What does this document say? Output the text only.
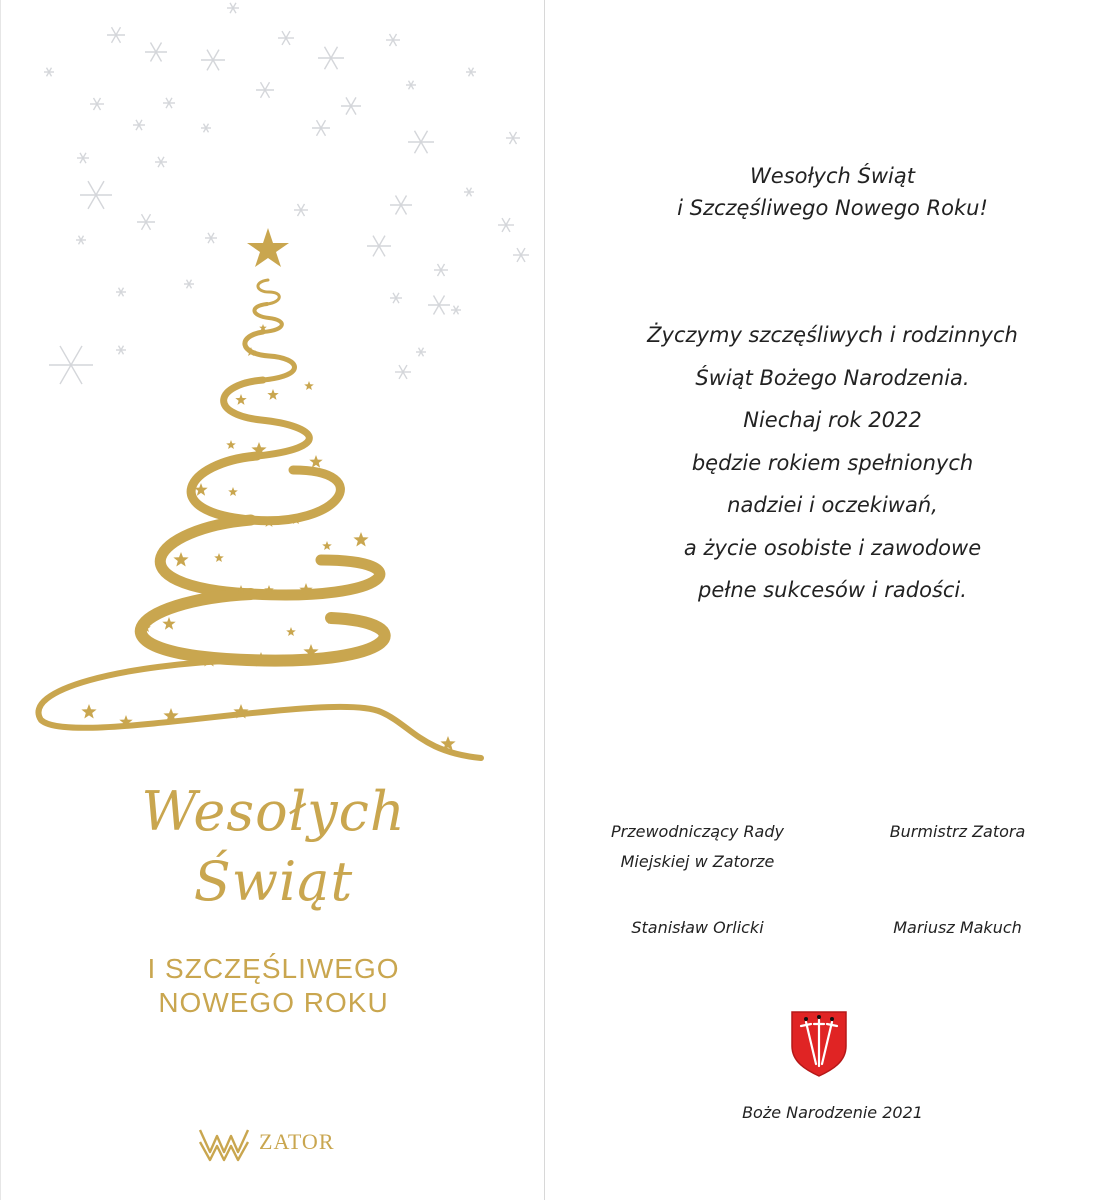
Wesołych
Świąt
I SZCZĘŚLIWEGO
NOWEGO ROKU
ZATOR
Wesołych Świąt
i Szczęśliwego Nowego Roku!
Życzymy szczęśliwych i rodzinnych
Świąt Bożego Narodzenia.
Niechaj rok 2022
będzie rokiem spełnionych
nadziei i oczekiwań,
a życie osobiste i zawodowe
pełne sukcesów i radości.
Przewodniczący Rady
Miejskiej w Zatorze
Burmistrz Zatora
Stanisław Orlicki	Mariusz Makuch
Boże Narodzenie 2021
